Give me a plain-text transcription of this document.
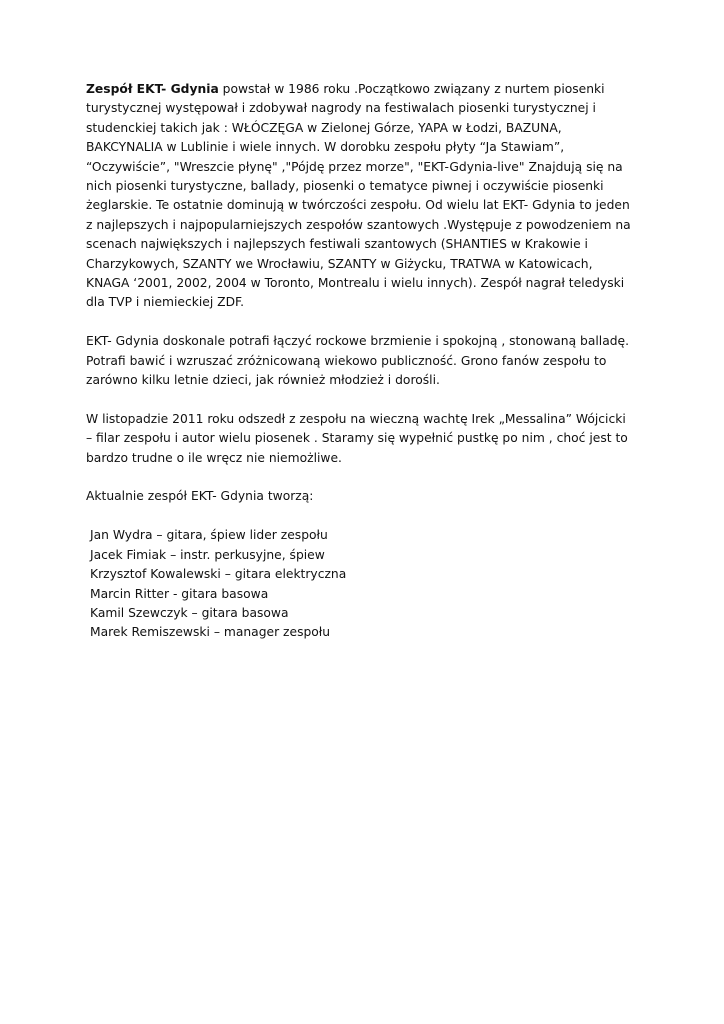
Zespół EKT- Gdynia powstał w 1986 roku .Początkowo związany z nurtem piosenki
turystycznej występował i zdobywał nagrody na festiwalach piosenki turystycznej i
studenckiej takich jak : WŁÓCZĘGA w Zielonej Górze, YAPA w Łodzi, BAZUNA,
BAKCYNALIA w Lublinie i wiele innych. W dorobku zespołu płyty “Ja Stawiam”,
“Oczywiście”, "Wreszcie płynę" ,"Pójdę przez morze", "EKT-Gdynia-live" Znajdują się na
nich piosenki turystyczne, ballady, piosenki o tematyce piwnej i oczywiście piosenki
żeglarskie. Te ostatnie dominują w twórczości zespołu. Od wielu lat EKT- Gdynia to jeden
z najlepszych i najpopularniejszych zespołów szantowych .Występuje z powodzeniem na
scenach największych i najlepszych festiwali szantowych (SHANTIES w Krakowie i
Charzykowych, SZANTY we Wrocławiu, SZANTY w Giżycku, TRATWA w Katowicach,
KNAGA ‘2001, 2002, 2004 w Toronto, Montrealu i wielu innych). Zespół nagrał teledyski
dla TVP i niemieckiej ZDF.

EKT- Gdynia doskonale potrafi łączyć rockowe brzmienie i spokojną , stonowaną balladę.
Potrafi bawić i wzruszać zróżnicowaną wiekowo publiczność. Grono fanów zespołu to
zarówno kilku letnie dzieci, jak również młodzież i dorośli.

W listopadzie 2011 roku odszedł z zespołu na wieczną wachtę Irek „Messalina” Wójcicki
– filar zespołu i autor wielu piosenek . Staramy się wypełnić pustkę po nim , choć jest to
bardzo trudne o ile wręcz nie niemożliwe.

Aktualnie zespół EKT- Gdynia tworzą:

Jan Wydra – gitara, śpiew lider zespołu
Jacek Fimiak – instr. perkusyjne, śpiew
Krzysztof Kowalewski – gitara elektryczna
Marcin Ritter - gitara basowa
Kamil Szewczyk – gitara basowa
Marek Remiszewski – manager zespołu
